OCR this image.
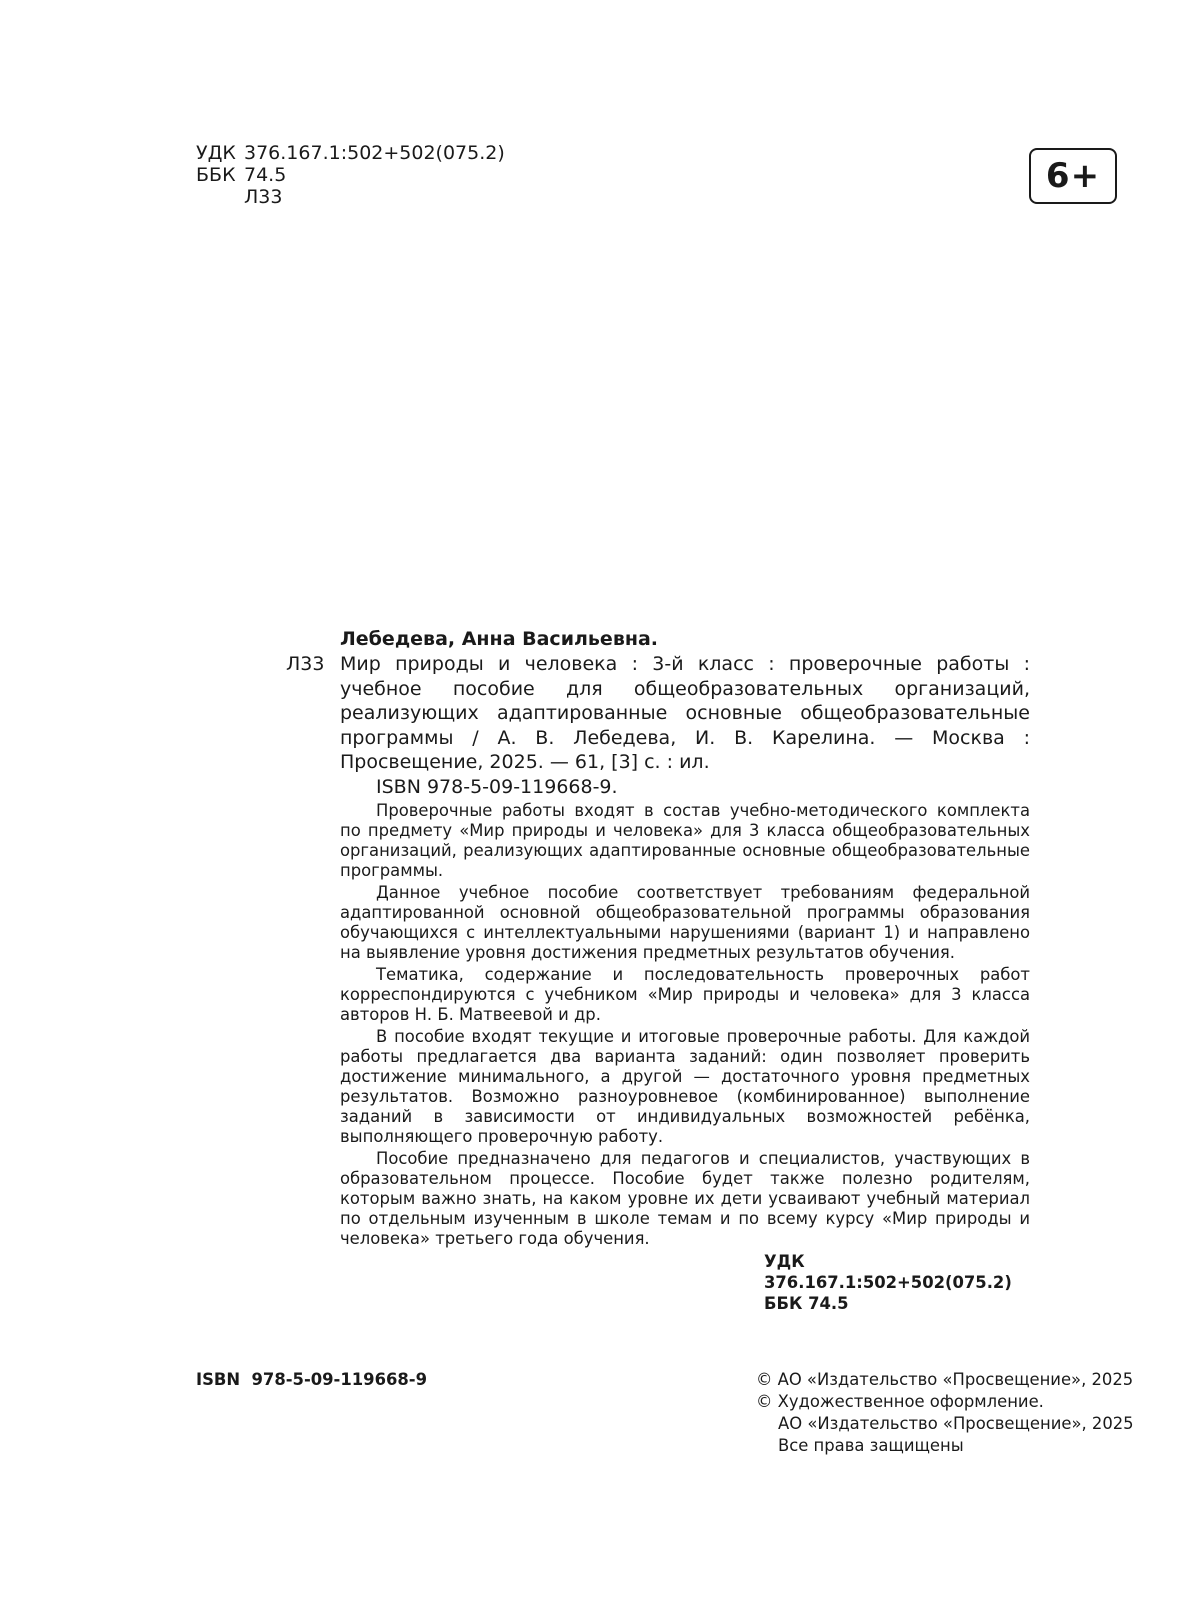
УДК 376.167.1:502+502(075.2)
ББК 74.5
Л33
6+
Л33

Лебедева, Анна Васильевна.

Мир природы и человека : 3-й класс : проверочные работы : учебное пособие для общеобразовательных организаций, реализующих адаптированные основные общеобразовательные программы / А. В. Лебедева, И. В. Карелина. — Москва : Просвещение, 2025. — 61, [3] с. : ил.

ISBN 978-5-09-119668-9.

Проверочные работы входят в состав учебно-методического комплекта по предмету «Мир природы и человека» для 3 класса общеобразовательных организаций, реализующих адаптированные основные общеобразовательные программы.

Данное учебное пособие соответствует требованиям федеральной адаптированной основной общеобразовательной программы образования обучающихся с интеллектуальными нарушениями (вариант 1) и направлено на выявление уровня достижения предметных результатов обучения.

Тематика, содержание и последовательность проверочных работ корреспондируются с учебником «Мир природы и человека» для 3 класса авторов Н. Б. Матвеевой и др.

В пособие входят текущие и итоговые проверочные работы. Для каждой работы предлагается два варианта заданий: один позволяет проверить достижение минимального, а другой — достаточного уровня предметных результатов. Возможно разноуровневое (комбинированное) выполнение заданий в зависимости от индивидуальных возможностей ребёнка, выполняющего проверочную работу.

Пособие предназначено для педагогов и специалистов, участвующих в образовательном процессе. Пособие будет также полезно родителям, которым важно знать, на каком уровне их дети усваивают учебный материал по отдельным изученным в школе темам и по всему курсу «Мир природы и человека» третьего года обучения.

УДК 376.167.1:502+502(075.2)
ББК 74.5
ISBN  978-5-09-119668-9	© АО «Издательство «Просвещение», 2025
© Художественное оформление.
АО «Издательство «Просвещение», 2025
Все права защищены
